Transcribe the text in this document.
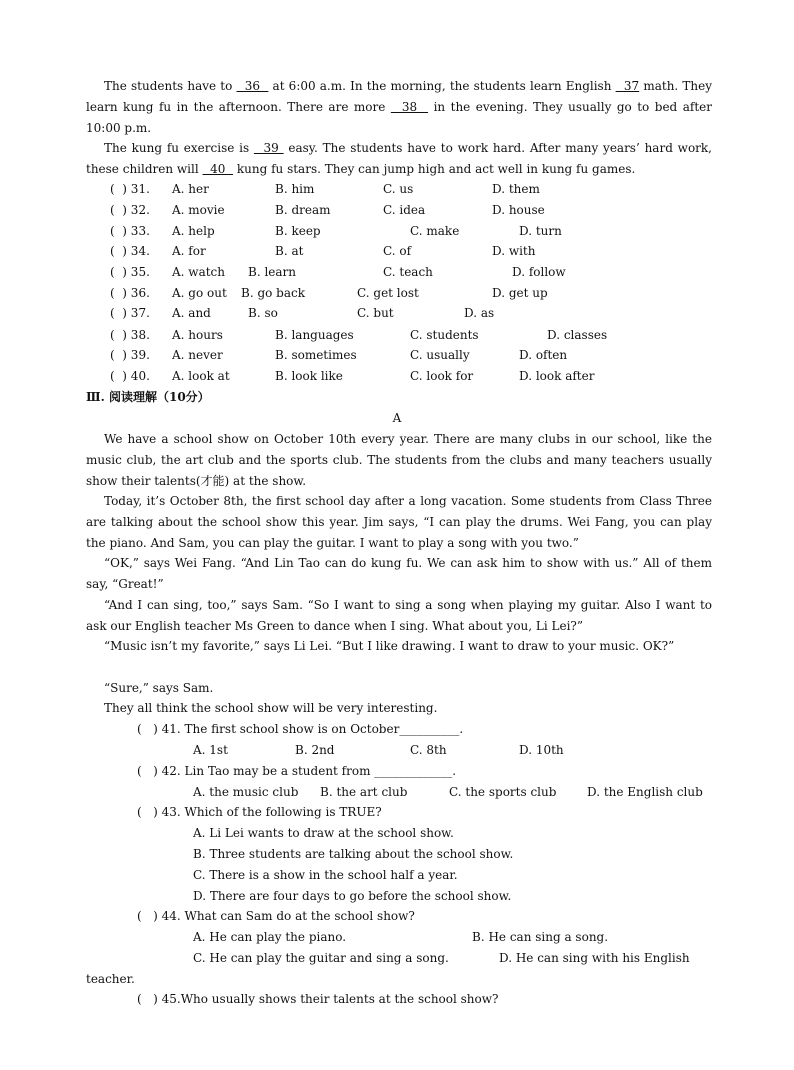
The students have to   36   at 6:00 a.m. In the morning, the students learn English   37 math. They learn kung fu in the afternoon. There are more   38   in the evening. They usually go to bed after 10:00 p.m.
The kung fu exercise is   39  easy. The students have to work hard. After many years’ hard work, these children will   40   kung fu stars. They can jump high and act well in kung fu games.
(  ) 31. A. her	B. him	C. us	D. them
(  ) 32. A. movie	B. dream	C. idea	D. house
(  ) 33. A. help	B. keep	C. make	D. turn
(  ) 34. A. for	B. at	C. of	D. with
(  ) 35. A. watch B. learn	C. teach	D. follow
(  ) 36. A. go out B. go back	C. get lost	D. get up
(  ) 37. A. and	B. so	C. but	D. as
(  ) 38. A. hours	B. languages	C. students	D. classes
(  ) 39. A. never	B. sometimes	C. usually	D. often
(  ) 40. A. look at	B. look like	C. look for	D. look after
Ⅲ. 阅读理解（10分）
A
We have a school show on October 10th every year. There are many clubs in our school, like the music club, the art club and the sports club. The students from the clubs and many teachers usually show their talents(才能) at the show.
Today, it’s October 8th, the first school day after a long vacation. Some students from Class Three are talking about the school show this year. Jim says, “I can play the drums. Wei Fang, you can play the piano. And Sam, you can play the guitar. I want to play a song with you two.”
“OK,” says Wei Fang. “And Lin Tao can do kung fu. We can ask him to show with us.” All of them say, “Great!”
“And I can sing, too,” says Sam. “So I want to sing a song when playing my guitar. Also I want to ask our English teacher Ms Green to dance when I sing. What about you, Li Lei?”
“Music isn’t my favorite,” says Li Lei. “But I like drawing. I want to draw to your music. OK?”
“Sure,” says Sam.
They all think the school show will be very interesting.
(   ) 41. The first school show is on October__________.
A. 1st	B. 2nd	C. 8th	D. 10th
(   ) 42. Lin Tao may be a student from _____________.
A. the music club B. the art club	C. the sports club	D. the English club
(   ) 43. Which of the following is TRUE?
A. Li Lei wants to draw at the school show.
B. Three students are talking about the school show.
C. There is a show in the school half a year.
D. There are four days to go before the school show.
(   ) 44. What can Sam do at the school show?
A. He can play the piano.	B. He can sing a song.
C. He can play the guitar and sing a song.	D. He can sing with his English
teacher.
(   ) 45.Who usually shows their talents at the school show?
